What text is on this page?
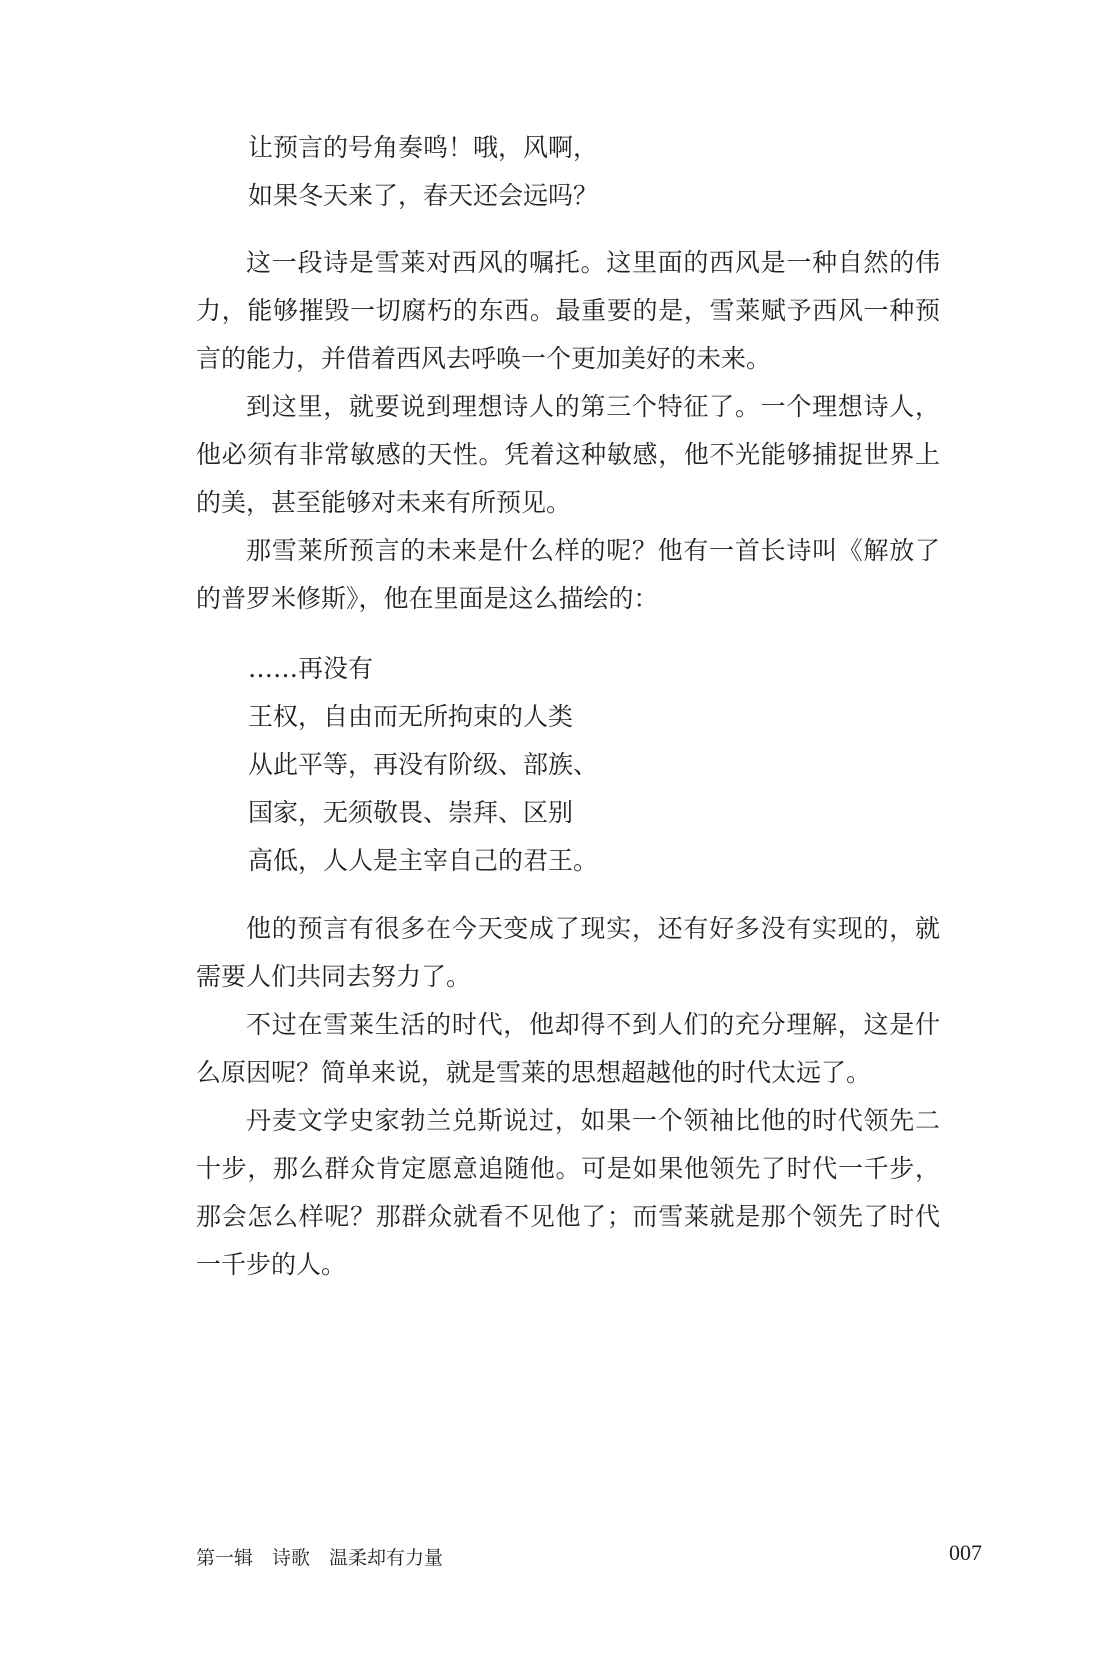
让预言的号角奏鸣！哦，风啊，
如果冬天来了，春天还会远吗？

这一段诗是雪莱对西风的嘱托。这里面的西风是一种自然的伟力，能够摧毁一切腐朽的东西。最重要的是，雪莱赋予西风一种预言的能力，并借着西风去呼唤一个更加美好的未来。

到这里，就要说到理想诗人的第三个特征了。一个理想诗人，他必须有非常敏感的天性。凭着这种敏感，他不光能够捕捉世界上的美，甚至能够对未来有所预见。

那雪莱所预言的未来是什么样的呢？他有一首长诗叫《解放了的普罗米修斯》，他在里面是这么描绘的：

……再没有
王权，自由而无所拘束的人类
从此平等，再没有阶级、部族、
国家，无须敬畏、崇拜、区别
高低，人人是主宰自己的君王。

他的预言有很多在今天变成了现实，还有好多没有实现的，就需要人们共同去努力了。

不过在雪莱生活的时代，他却得不到人们的充分理解，这是什么原因呢？简单来说，就是雪莱的思想超越他的时代太远了。

丹麦文学史家勃兰兑斯说过，如果一个领袖比他的时代领先二十步，那么群众肯定愿意追随他。可是如果他领先了时代一千步，那会怎么样呢？那群众就看不见他了；而雪莱就是那个领先了时代一千步的人。

第一辑　诗歌　温柔却有力量	007
